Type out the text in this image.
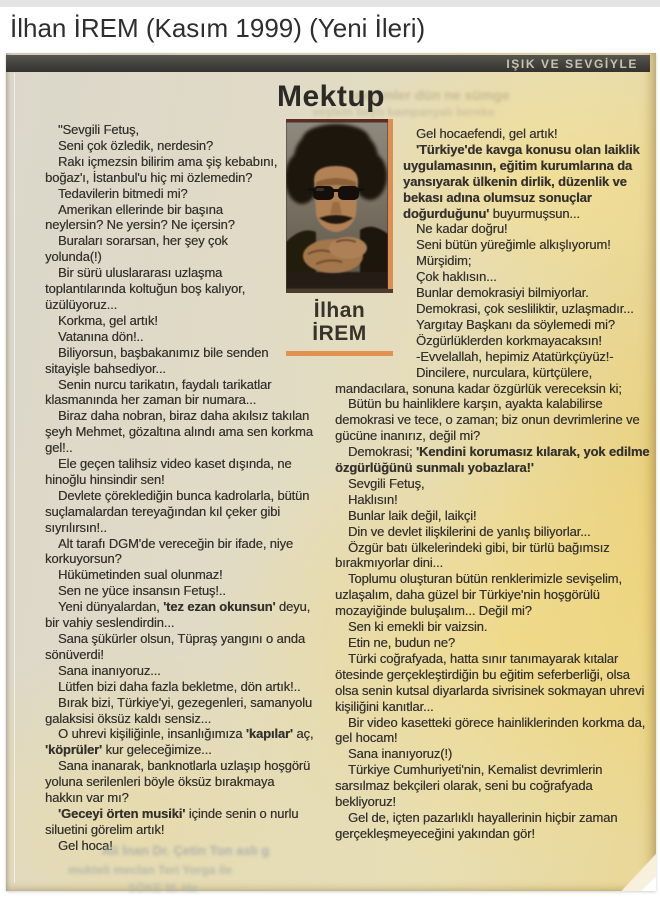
İlhan İREM (Kasım 1999) (Yeni İleri)
IŞIK VE SEVGİYLE
seçimler dün ne sümge
veşlem beyn kampanyalı bereke
Mektup

"Sevgili Fetuş,

Seni çok özledik, nerdesin?

Rakı içmezsin bilirim ama şiş kebabını, boğaz'ı, İstanbul'u hiç mi özlemedin?

Tedavilerin bitmedi mi?

Amerikan ellerinde bir başına neylersin? Ne yersin? Ne içersin?

Buraları sorarsan, her şey çok yolunda(!)

Bir sürü uluslararası uzlaşma toplantılarında koltuğun boş kalıyor, üzülüyoruz...

Korkma, gel artık!

Vatanına dön!..

Biliyorsun, başbakanımız bile senden sitayişle bahsediyor...

Senin nurcu tarikatın, faydalı tarikatlar klasmanında her zaman bir numara...

Biraz daha nobran, biraz daha akılsız takılan şeyh Mehmet, gözaltına alındı ama sen korkma gel!..

Ele geçen talihsiz video kaset dışında, ne hinoğlu hinsindir sen!

Devlete çöreklediğin bunca kadrolarla, bütün suçlamalardan tereyağından kıl çeker gibi sıyrılırsın!..

Alt tarafı DGM'de vereceğin bir ifade, niye korkuyorsun?

Hükümetinden sual olunmaz!

Sen ne yüce insansın Fetuş!..

Yeni dünyalardan, 'tez ezan okunsun' deyu, bir vahiy seslendirdin...

Sana şükürler olsun, Tüpraş yangını o anda sönüverdi!

Sana inanıyoruz...

Lütfen bizi daha fazla bekletme, dön artık!..

Bırak bizi, Türkiye'yi, gezegenleri, samanyolu galaksisi öksüz kaldı sensiz...

O uhrevi kişiliğinle, insanlığımıza 'kapılar' aç, 'köprüler' kur geleceğimize...

Sana inanarak, banknotlarla uzlaşıp hoşgörü yoluna serilenleri böyle öksüz bırakmaya hakkın var mı?

'Geceyi örten musiki' içinde senin o nurlu siluetini görelim artık!

Gel hoca!

Gel hocaefendi, gel artık!

'Türkiye'de kavga konusu olan laiklik uygulamasının, eğitim kurumlarına da yansıyarak ülkenin dirlik, düzenlik ve bekası adına olumsuz sonuçlar doğurduğunu' buyurmuşsun...

Ne kadar doğru!

Seni bütün yüreğimle alkışlıyorum!

Mürşidim;

Çok haklısın...

Bunlar demokrasiyi bilmiyorlar.

Demokrasi, çok sesliliktir, uzlaşmadır...

Yargıtay Başkanı da söylemedi mi?

Özgürlüklerden korkmayacaksın!

-Evvelallah, hepimiz Atatürkçüyüz!-

Dincilere, nurculara, kürtçülere, mandacılara, sonuna kadar özgürlük vereceksin ki;

Bütün bu hainliklere karşın, ayakta kalabilirse demokrasi ve tece, o zaman; biz onun devrimlerine ve gücüne inanırız, değil mi?

Demokrasi; 'Kendini korumasız kılarak, yok edilme özgürlüğünü sunmalı yobazlara!'

Sevgili Fetuş,

Haklısın!

Bunlar laik değil, laikçi!

Din ve devlet ilişkilerini de yanlış biliyorlar...

Özgür batı ülkelerindeki gibi, bir türlü bağımsız bırakmıyorlar dini...

Toplumu oluşturan bütün renklerimizle sevişelim, uzlaşalım, daha güzel bir Türkiye'nin hoşgörülü mozayiğinde buluşalım... Değil mi?

Sen ki emekli bir vaizsin.

Etin ne, budun ne?

Türki coğrafyada, hatta sınır tanımayarak kıtalar ötesinde gerçekleştirdiğin bu eğitim seferberliği, olsa olsa senin kutsal diyarlarda sivrisinek sokmayan uhrevi kişiliğini kanıtlar...

Bir video kasetteki görece hainliklerinden korkma da, gel hocam!

Sana inanıyoruz(!)

Türkiye Cumhuriyeti'nin, Kemalist devrimlerin sarsılmaz bekçileri olarak, seni bu coğrafyada bekliyoruz!

Gel de, içten pazarlıklı hayallerinin hiçbir zaman gerçekleşmeyeceğini yakından gör!

İlhan
İREM
Ali İnan Dr. Çetin Ton aslı g
mukteli meclan Teri Yorga ile
SÖKE M. He
